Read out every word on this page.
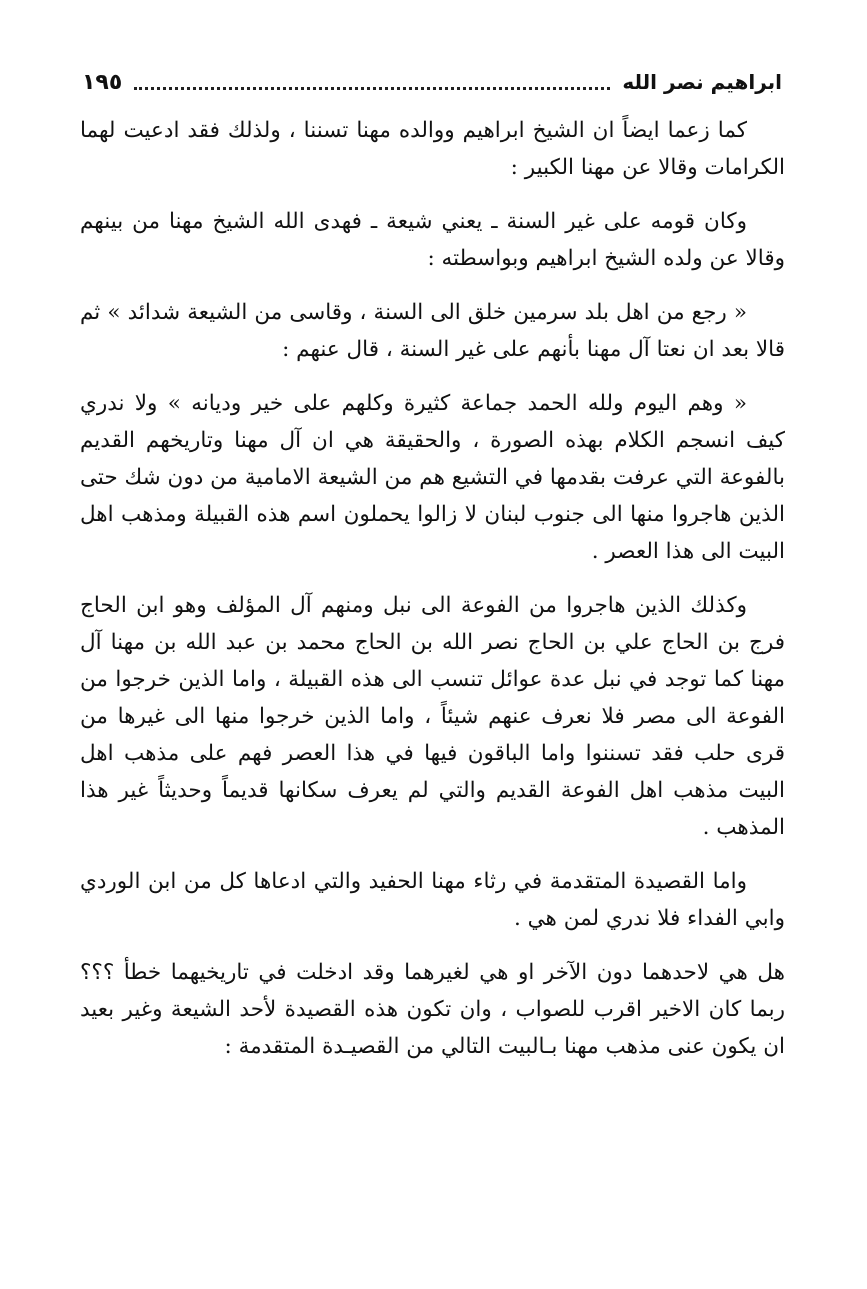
ابراهيم نصر الله
١٩٥

كما زعما ايضاً ان الشيخ ابراهيم ووالده مهنا تسننا ، ولذلك فقد ادعيت لهما الكرامات وقالا عن مهنا الكبير :

وكان قومه على غير السنة ـ يعني شيعة ـ فهدى الله الشيخ مهنا من بينهم وقالا عن ولده الشيخ ابراهيم وبواسطته :

« رجع من اهل بلد سرمين خلق الى السنة ، وقاسى من الشيعة شدائد » ثم قالا بعد ان نعتا آل مهنا بأنهم على غير السنة ، قال عنهم :

« وهم اليوم ولله الحمد جماعة كثيرة وكلهم على خير وديانه » ولا ندري كيف انسجم الكلام بهذه الصورة ، والحقيقة هي ان آل مهنا وتاريخهم القديم بالفوعة التي عرفت بقدمها في التشيع هم من الشيعة الامامية من دون شك حتى الذين هاجروا منها الى جنوب لبنان لا زالوا يحملون اسم هذه القبيلة ومذهب اهل البيت الى هذا العصر .

وكذلك الذين هاجروا من الفوعة الى نبل ومنهم آل المؤلف وهو ابن الحاج فرج بن الحاج علي بن الحاج نصر الله بن الحاج محمد بن عبد الله بن مهنا آل مهنا كما توجد في نبل عدة عوائل تنسب الى هذه القبيلة ، واما الذين خرجوا من الفوعة الى مصر فلا نعرف عنهم شيئاً ، واما الذين خرجوا منها الى غيرها من قرى حلب فقد تسننوا واما الباقون فيها في هذا العصر فهم على مذهب اهل البيت مذهب اهل الفوعة القديم والتي لم يعرف سكانها قديماً وحديثاً غير هذا المذهب .

واما القصيدة المتقدمة في رثاء مهنا الحفيد والتي ادعاها كل من ابن الوردي وابي الفداء فلا ندري لمن هي .

هل هي لاحدهما دون الآخر او هي لغيرهما وقد ادخلت في تاريخيهما خطأ ؟؟؟ ربما كان الاخير اقرب للصواب ، وان تكون هذه القصيدة لأحد الشيعة وغير بعيد ان يكون عنى مذهب مهنا بـالبيت التالي من القصيـدة المتقدمة :
